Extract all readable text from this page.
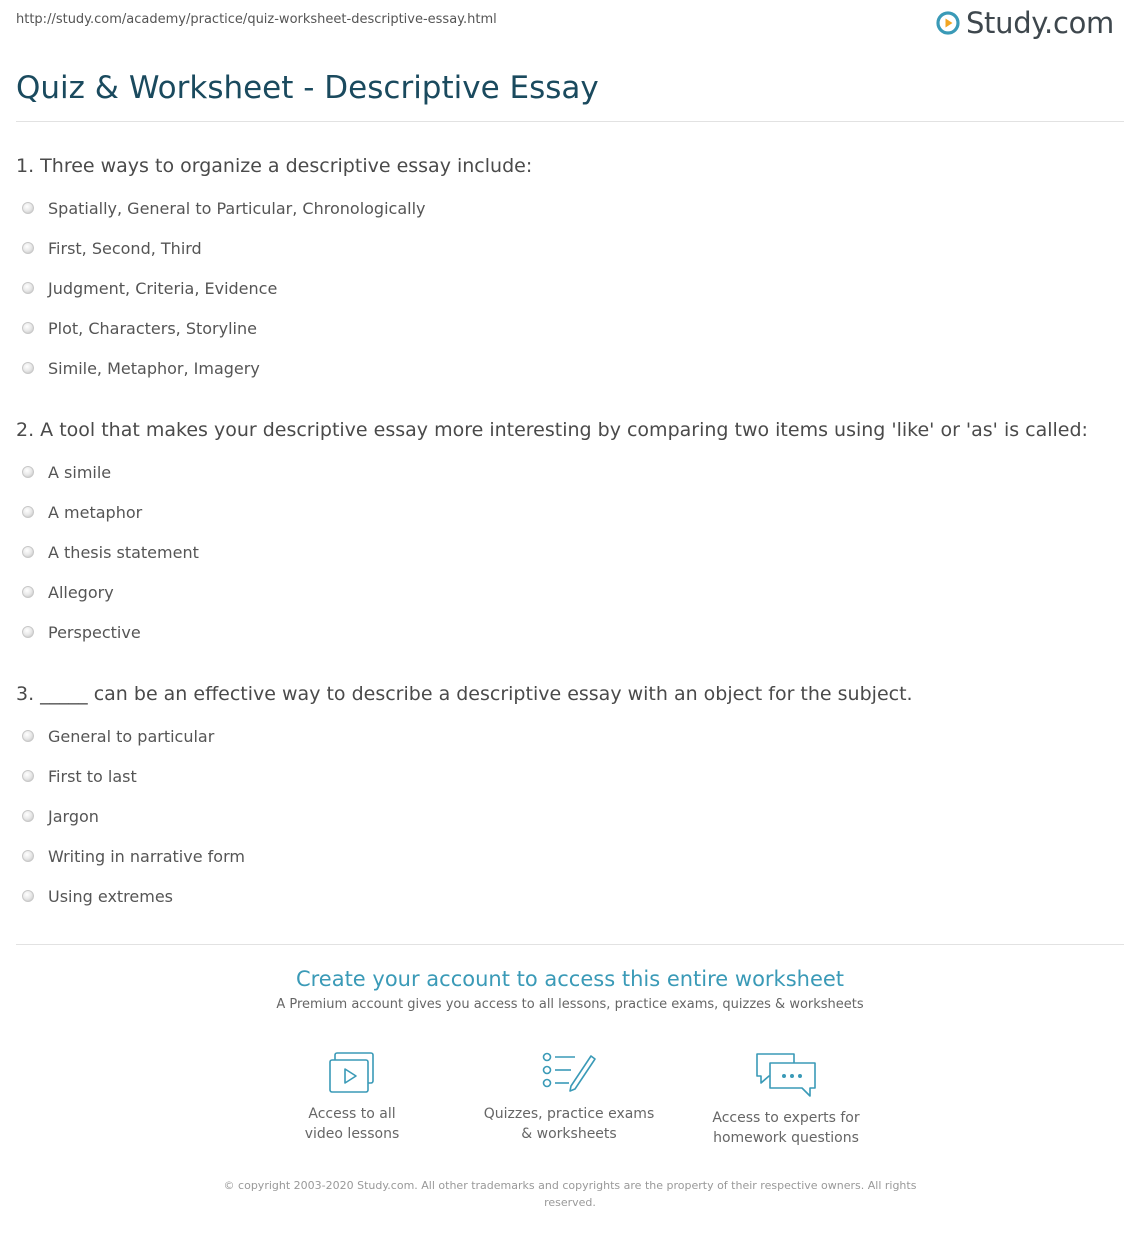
http://study.com/academy/practice/quiz-worksheet-descriptive-essay.html	Study.com
Quiz & Worksheet - Descriptive Essay
1. Three ways to organize a descriptive essay include:
Spatially, General to Particular, Chronologically
First, Second, Third
Judgment, Criteria, Evidence
Plot, Characters, Storyline
Simile, Metaphor, Imagery
2. A tool that makes your descriptive essay more interesting by comparing two items using 'like' or 'as' is called:
A simile
A metaphor
A thesis statement
Allegory
Perspective
3. _____ can be an effective way to describe a descriptive essay with an object for the subject.
General to particular
First to last
Jargon
Writing in narrative form
Using extremes
Create your account to access this entire worksheet
A Premium account gives you access to all lessons, practice exams, quizzes & worksheets
Access to all
video lessons
Quizzes, practice exams
& worksheets
Access to experts for
homework questions
© copyright 2003-2020 Study.com. All other trademarks and copyrights are the property of their respective owners. All rights reserved.
